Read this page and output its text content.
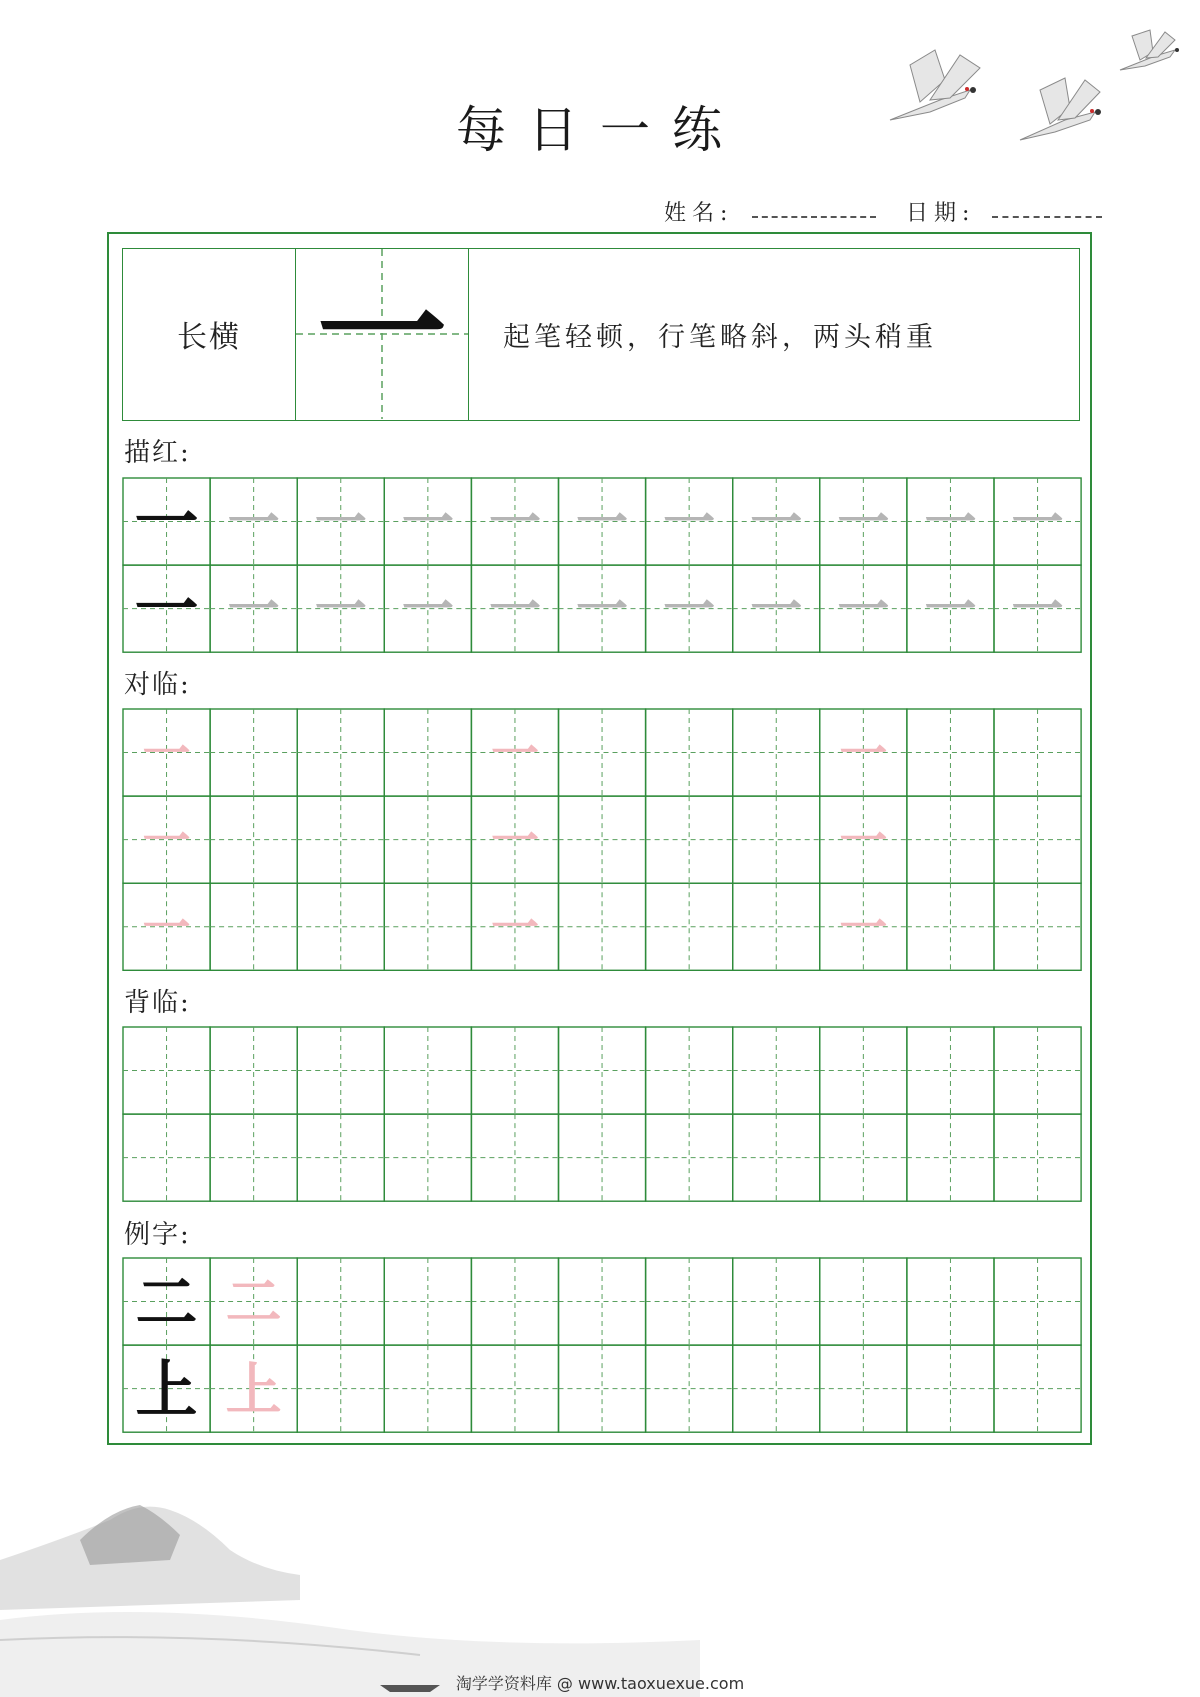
每日一练
姓名:	日期:
长横 一	起笔轻顿，行笔略斜，两头稍重
描红:
一 一 一 一 一 一 一 一 一 一 一
一 一 一 一 一 一 一 一 一 一 一
对临:
一	一	一
一	一	一
一	一	一
背临:
例字:
二 二
上 上
淘学学资料库 @ www.taoxuexue.com
